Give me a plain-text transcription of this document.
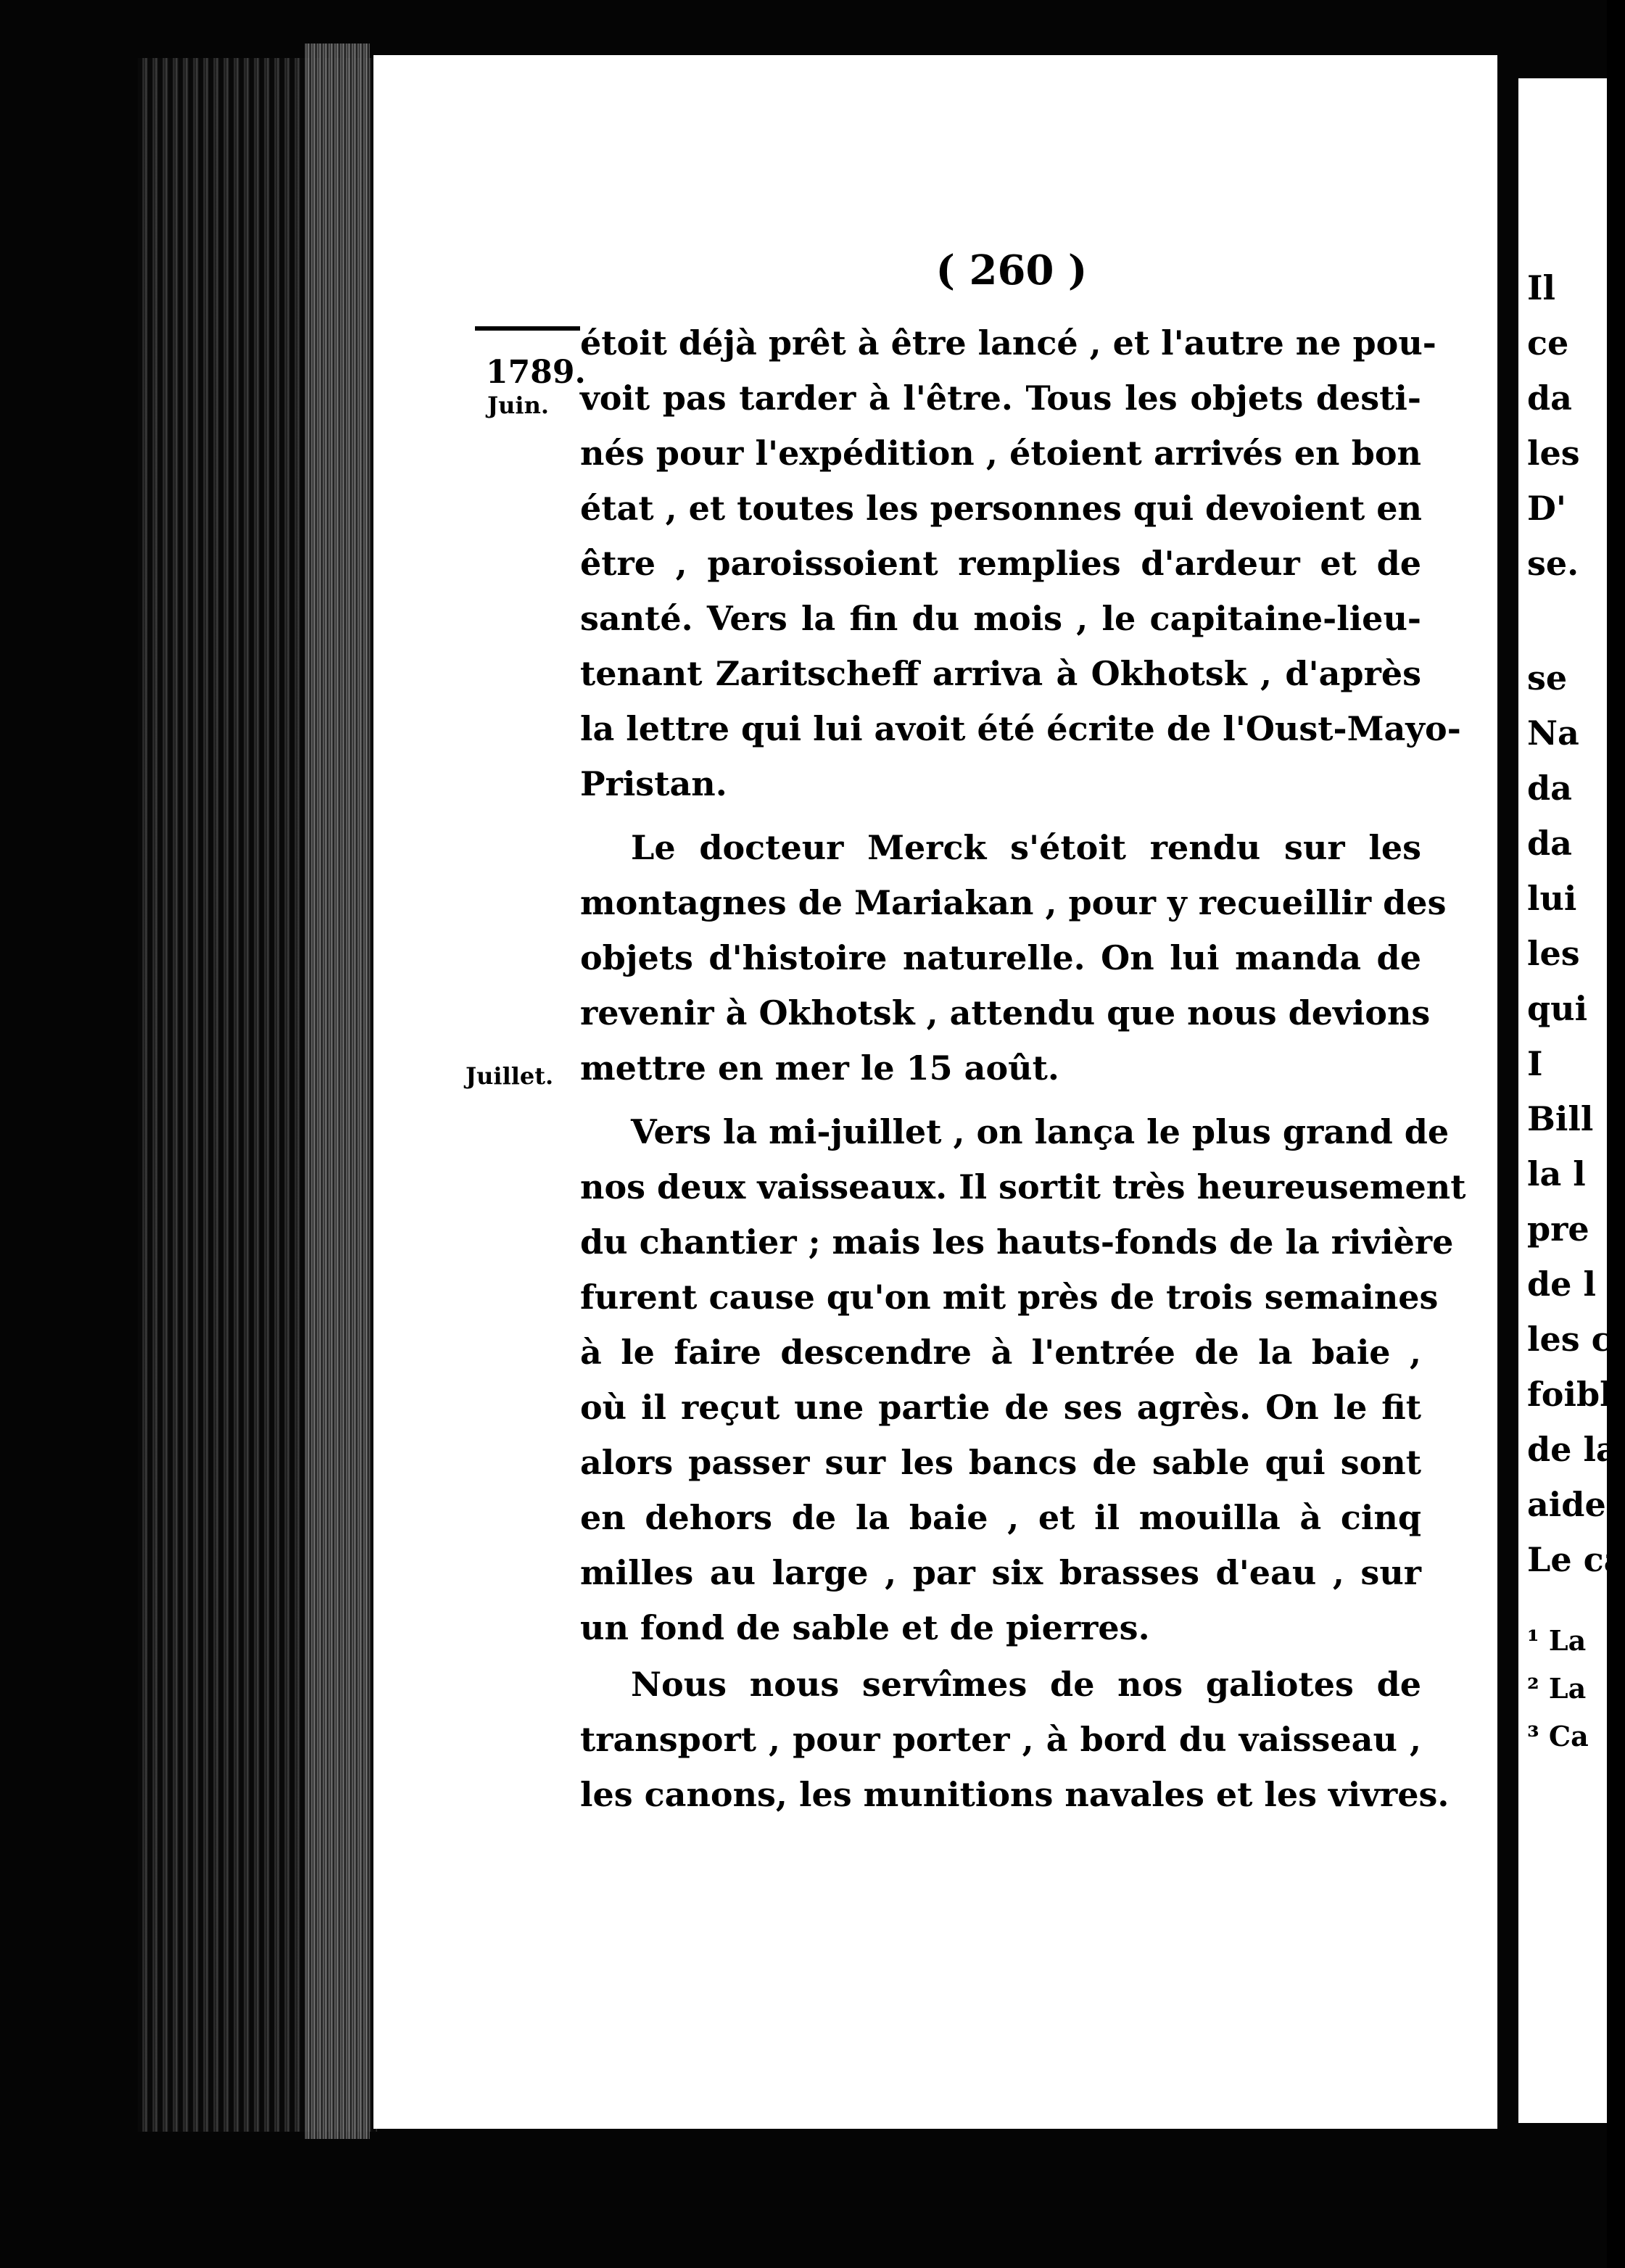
( 260 )
1789.
Juin.
Juillet.
étoit déjà prêt à être lancé , et l'autre ne pou-
voit pas tarder à l'être. Tous les objets desti-
nés pour l'expédition , étoient arrivés en bon
état , et toutes les personnes qui devoient en
être , paroissoient remplies d'ardeur et de
santé. Vers la fin du mois , le capitaine-lieu-
tenant Zaritscheff arriva à Okhotsk , d'après
la lettre qui lui avoit été écrite de l'Oust-Mayo-
Pristan.
Le docteur Merck s'étoit rendu sur les
montagnes de Mariakan , pour y recueillir des
objets d'histoire naturelle. On lui manda de
revenir à Okhotsk , attendu que nous devions
mettre en mer le 15 août.
Vers la mi-juillet , on lança le plus grand de
nos deux vaisseaux. Il sortit très heureusement
du chantier ; mais les hauts-fonds de la rivière
furent cause qu'on mit près de trois semaines
à le faire descendre à l'entrée de la baie ,
où il reçut une partie de ses agrès. On le fit
alors passer sur les bancs de sable qui sont
en dehors de la baie , et il mouilla à cinq
milles au large , par six brasses d'eau , sur
un fond de sable et de pierres.
Nous nous servîmes de nos galiotes de
transport , pour porter , à bord du vaisseau ,
les canons, les munitions navales et les vivres.
Il
ce
da
les
D'
se.
se
Na
da
da
lui
les
qui
I
Bill
la l
pre
de l
les c
foibl
de la
aider
Le ca
¹ La
² La
³ Ca
